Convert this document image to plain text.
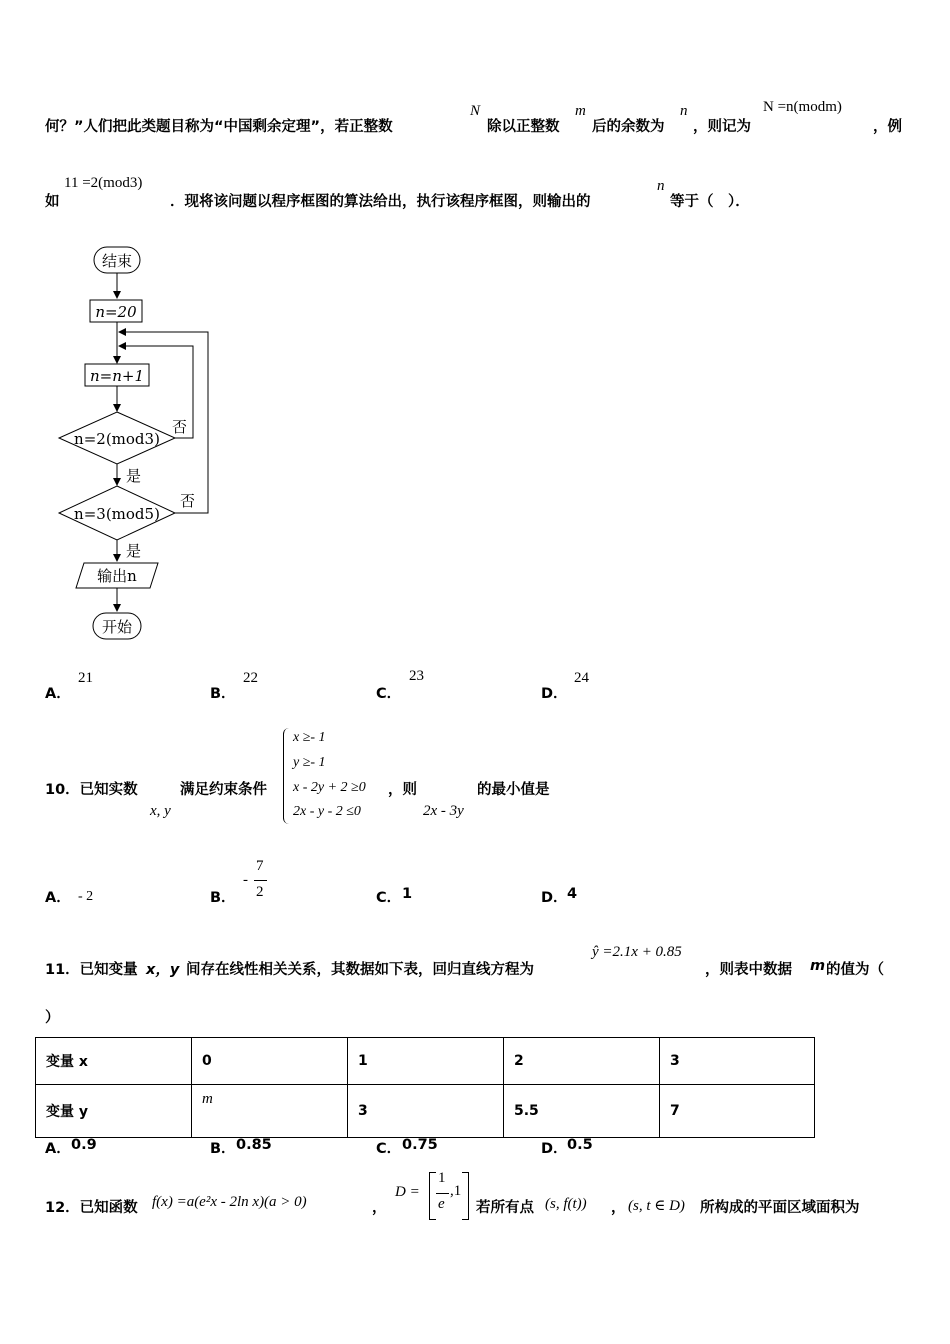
何？”人们把此类题目称为“中国剩余定理”，若正整数
N
除以正整数
m
后的余数为
n
，则记为
N =n(modm)
，例
如
11 =2(mod3)
．现将该问题以程序框图的算法给出，执行该程序框图，则输出的
n
等于（　）．
结束
n=20
n=n+1
n=2(mod3)
否
是
n=3(mod5)
否
是
输出n
开始
A．
21
B．
22
C．
23
D．
24
10．已知实数	满足约束条件
x, y
x ≥- 1
y ≥- 1
x - 2y + 2 ≥0
2x - y - 2 ≤0
，则
2x - 3y
的最小值是
A． - 2	B．
-
7
2	C． 1	D． 4
11．已知变量 x，y 间存在线性相关关系，其数据如下表，回归直线方程为
ŷ =2.1x + 0.85
，则表中数据 m 的值为（
）
变量 x	0	1	2	3
变量 y	m	3	5.5	7
A． 0.9	B． 0.85	C． 0.75	D． 0.5
12．已知函数 f(x) =a(e²x - 2ln x)(a > 0)	，
D =
1
e
,1
若所有点 (s, f(t)) ， (s, t ∈ D) 所构成的平面区域面积为
